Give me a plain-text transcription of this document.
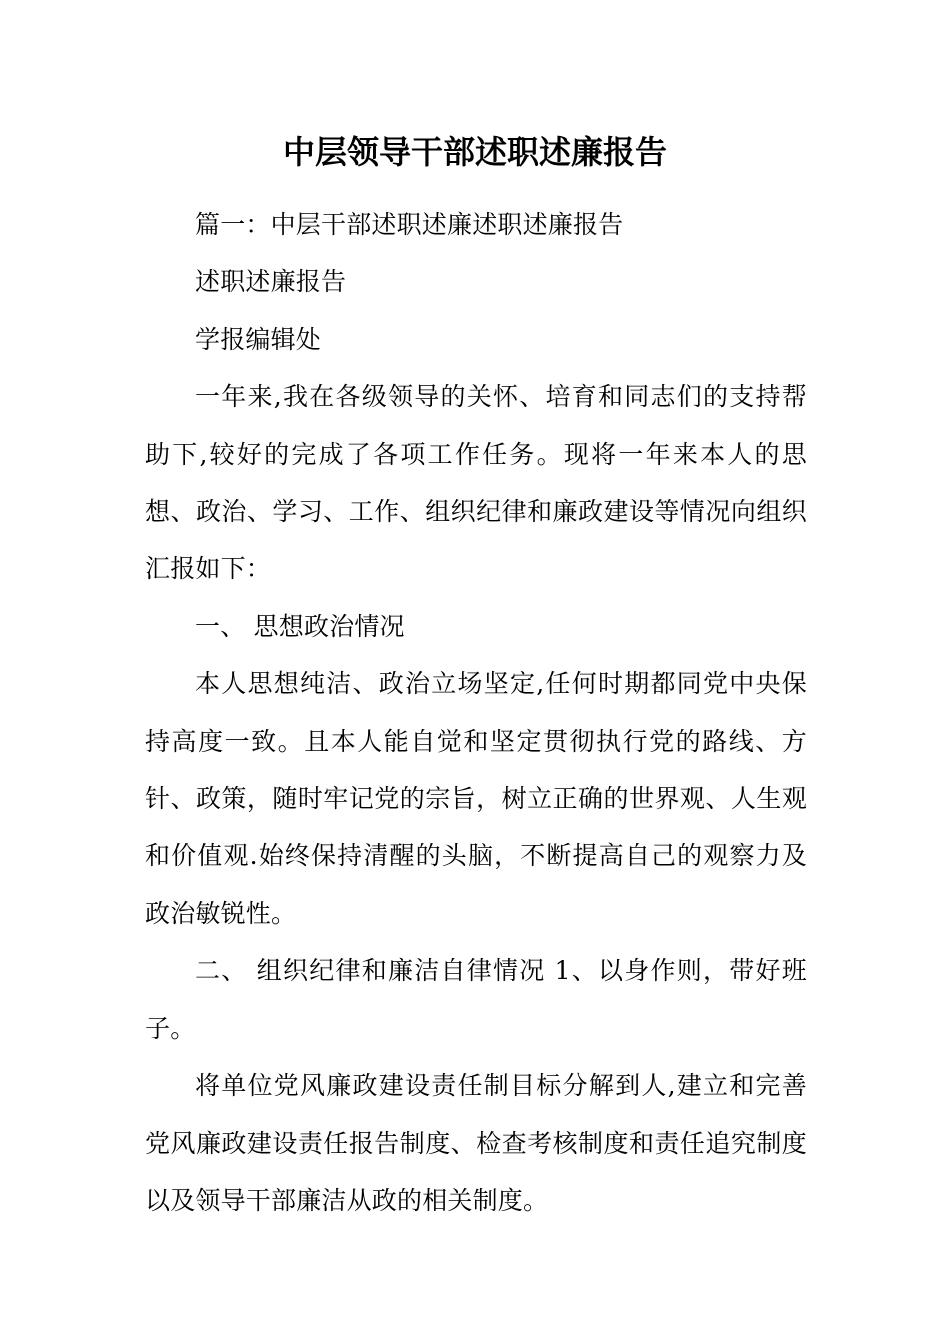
中层领导干部述职述廉报告

篇一：中层干部述职述廉述职述廉报告

述职述廉报告

学报编辑处

一年来,我在各级领导的关怀、培育和同志们的支持帮助下,较好的完成了各项工作任务。现将一年来本人的思想、政治、学习、工作、组织纪律和廉政建设等情况向组织汇报如下：

一、 思想政治情况

本人思想纯洁、政治立场坚定,任何时期都同党中央保持高度一致。且本人能自觉和坚定贯彻执行党的路线、方针、政策，随时牢记党的宗旨，树立正确的世界观、人生观和价值观.始终保持清醒的头脑，不断提高自己的观察力及政治敏锐性。

二、 组织纪律和廉洁自律情况 1、以身作则，带好班子。

将单位党风廉政建设责任制目标分解到人,建立和完善党风廉政建设责任报告制度、检查考核制度和责任追究制度以及领导干部廉洁从政的相关制度。
